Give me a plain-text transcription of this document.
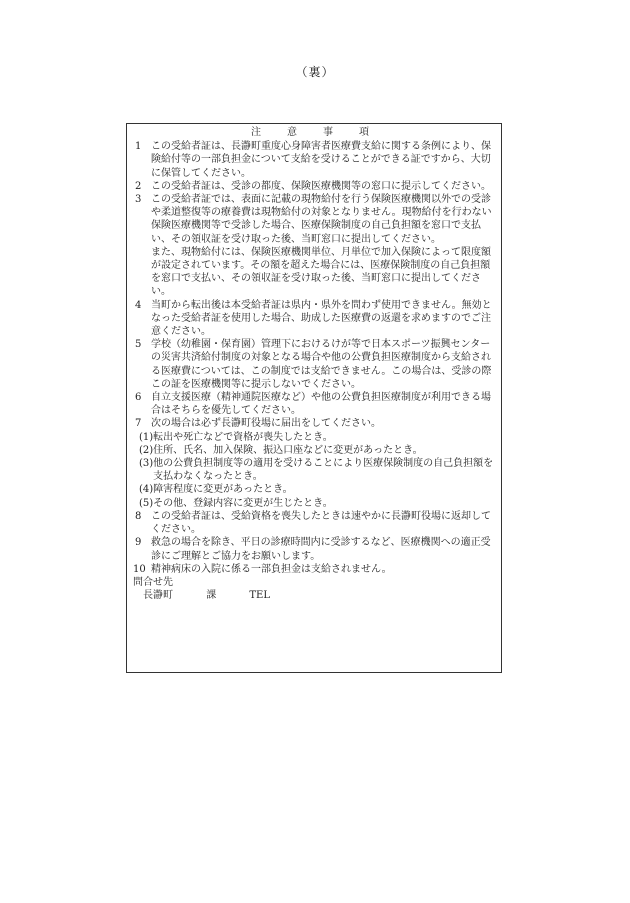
（裏）
注　意　事　項
1 この受給者証は、長瀞町重度心身障害者医療費支給に関する条例により、保険給付等の一部負担金について支給を受けることができる証ですから、大切に保管してください。
2 この受給者証は、受診の都度、保険医療機関等の窓口に提示してください。
3 この受給者証では、表面に記載の現物給付を行う保険医療機関以外での受診や柔道整復等の療養費は現物給付の対象となりません。現物給付を行わない保険医療機関等で受診した場合、医療保険制度の自己負担額を窓口で支払い、その領収証を受け取った後、当町窓口に提出してください。
また、現物給付には、保険医療機関単位、月単位で加入保険によって限度額が設定されています。その額を超えた場合には、医療保険制度の自己負担額を窓口で支払い、その領収証を受け取った後、当町窓口に提出してください。
4 当町から転出後は本受給者証は県内・県外を問わず使用できません。無効となった受給者証を使用した場合、助成した医療費の返還を求めますのでご注意ください。
5 学校（幼稚園・保育園）管理下におけるけが等で日本スポーツ振興センターの災害共済給付制度の対象となる場合や他の公費負担医療制度から支給される医療費については、この制度では支給できません。この場合は、受診の際この証を医療機関等に提示しないでください。
6 自立支援医療（精神通院医療など）や他の公費負担医療制度が利用できる場合はそちらを優先してください。
7 次の場合は必ず長瀞町役場に届出をしてください。
(1) 転出や死亡などで資格が喪失したとき。
(2) 住所、氏名、加入保険、振込口座などに変更があったとき。
(3) 他の公費負担制度等の適用を受けることにより医療保険制度の自己負担額を支払わなくなったとき。
(4) 障害程度に変更があったとき。
(5) その他、登録内容に変更が生じたとき。
8 この受給者証は、受給資格を喪失したときは速やかに長瀞町役場に返却してください。
9 救急の場合を除き、平日の診療時間内に受診するなど、医療機関への適正受診にご理解とご協力をお願いします。
10 精神病床の入院に係る一部負担金は支給されません。
問合せ先
長瀞町	課	TEL
